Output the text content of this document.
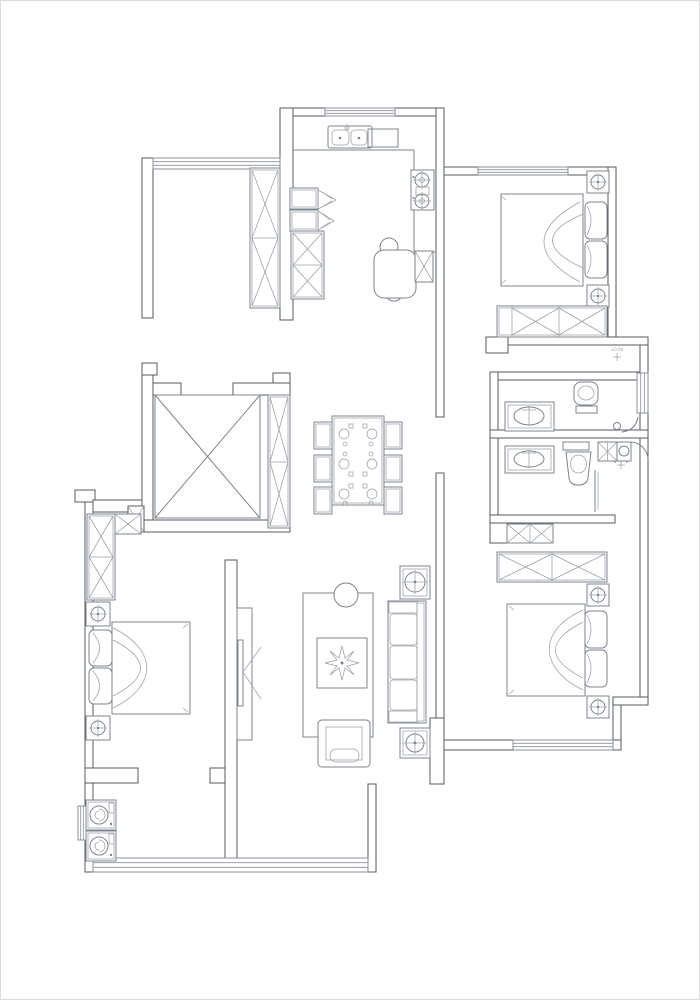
±0.00
